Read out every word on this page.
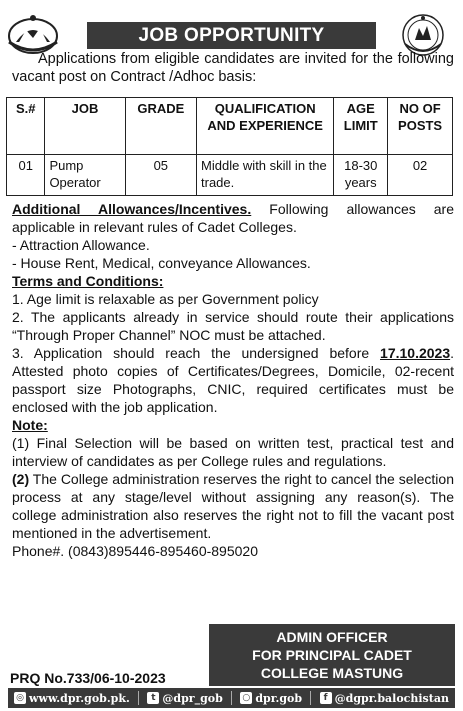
JOB OPPORTUNITY
Applications from eligible candidates are invited for the following vacant post on Contract /Adhoc basis:
S.#	JOB	GRADE	QUALIFICATION AND EXPERIENCE	AGE LIMIT	NO OF POSTS
01	Pump Operator	05	Middle with skill in the trade.	18-30 years	02

Additional Allowances/Incentives. Following allowances are applicable in relevant rules of Cadet Colleges.

- Attraction Allowance.

- House Rent, Medical, conveyance Allowances.

Terms and Conditions:

1. Age limit is relaxable as per Government policy

2. The applicants already in service should route their applications “Through Proper Channel” NOC must be attached.

3. Application should reach the undersigned before 17.10.2023. Attested photo copies of Certificates/Degrees, Domicile, 02-recent passport size Photographs, CNIC, required certificates must be enclosed with the job application.

Note:

(1) Final Selection will be based on written test, practical test and interview of candidates as per College rules and regulations.

(2) The College administration reserves the right to cancel the selection process at any stage/level without assigning any reason(s). The college administration also reserves the right not to fill the vacant post mentioned in the advertisement.

Phone#. (0843)895446-895460-895020

ADMIN OFFICER
FOR PRINCIPAL CADET
COLLEGE MASTUNG
PRQ No.733/06-10-2023
◎ www.dpr.gob.pk.	t @dpr_gob ○ dpr.gob	f @dgpr.balochistan
